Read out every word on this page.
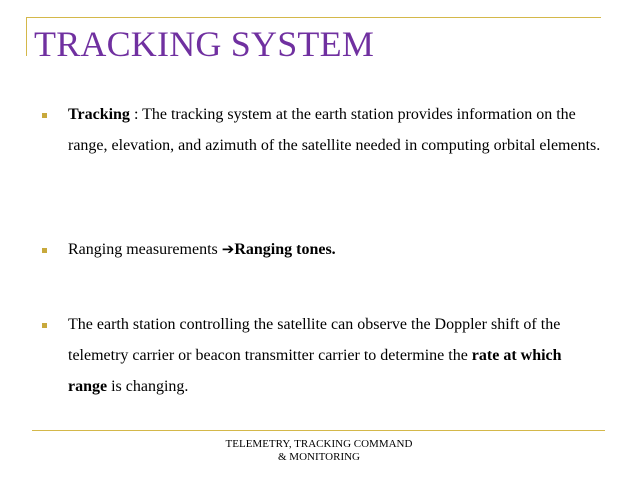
TRACKING SYSTEM

Tracking : The tracking system at the earth station provides information on the range, elevation, and azimuth of the satellite needed in computing orbital elements.

Ranging measurements ➔Ranging tones.

The earth station controlling the satellite can observe the Doppler shift of the telemetry carrier or beacon transmitter carrier to determine the rate at which range is changing.

TELEMETRY, TRACKING COMMAND
& MONITORING
